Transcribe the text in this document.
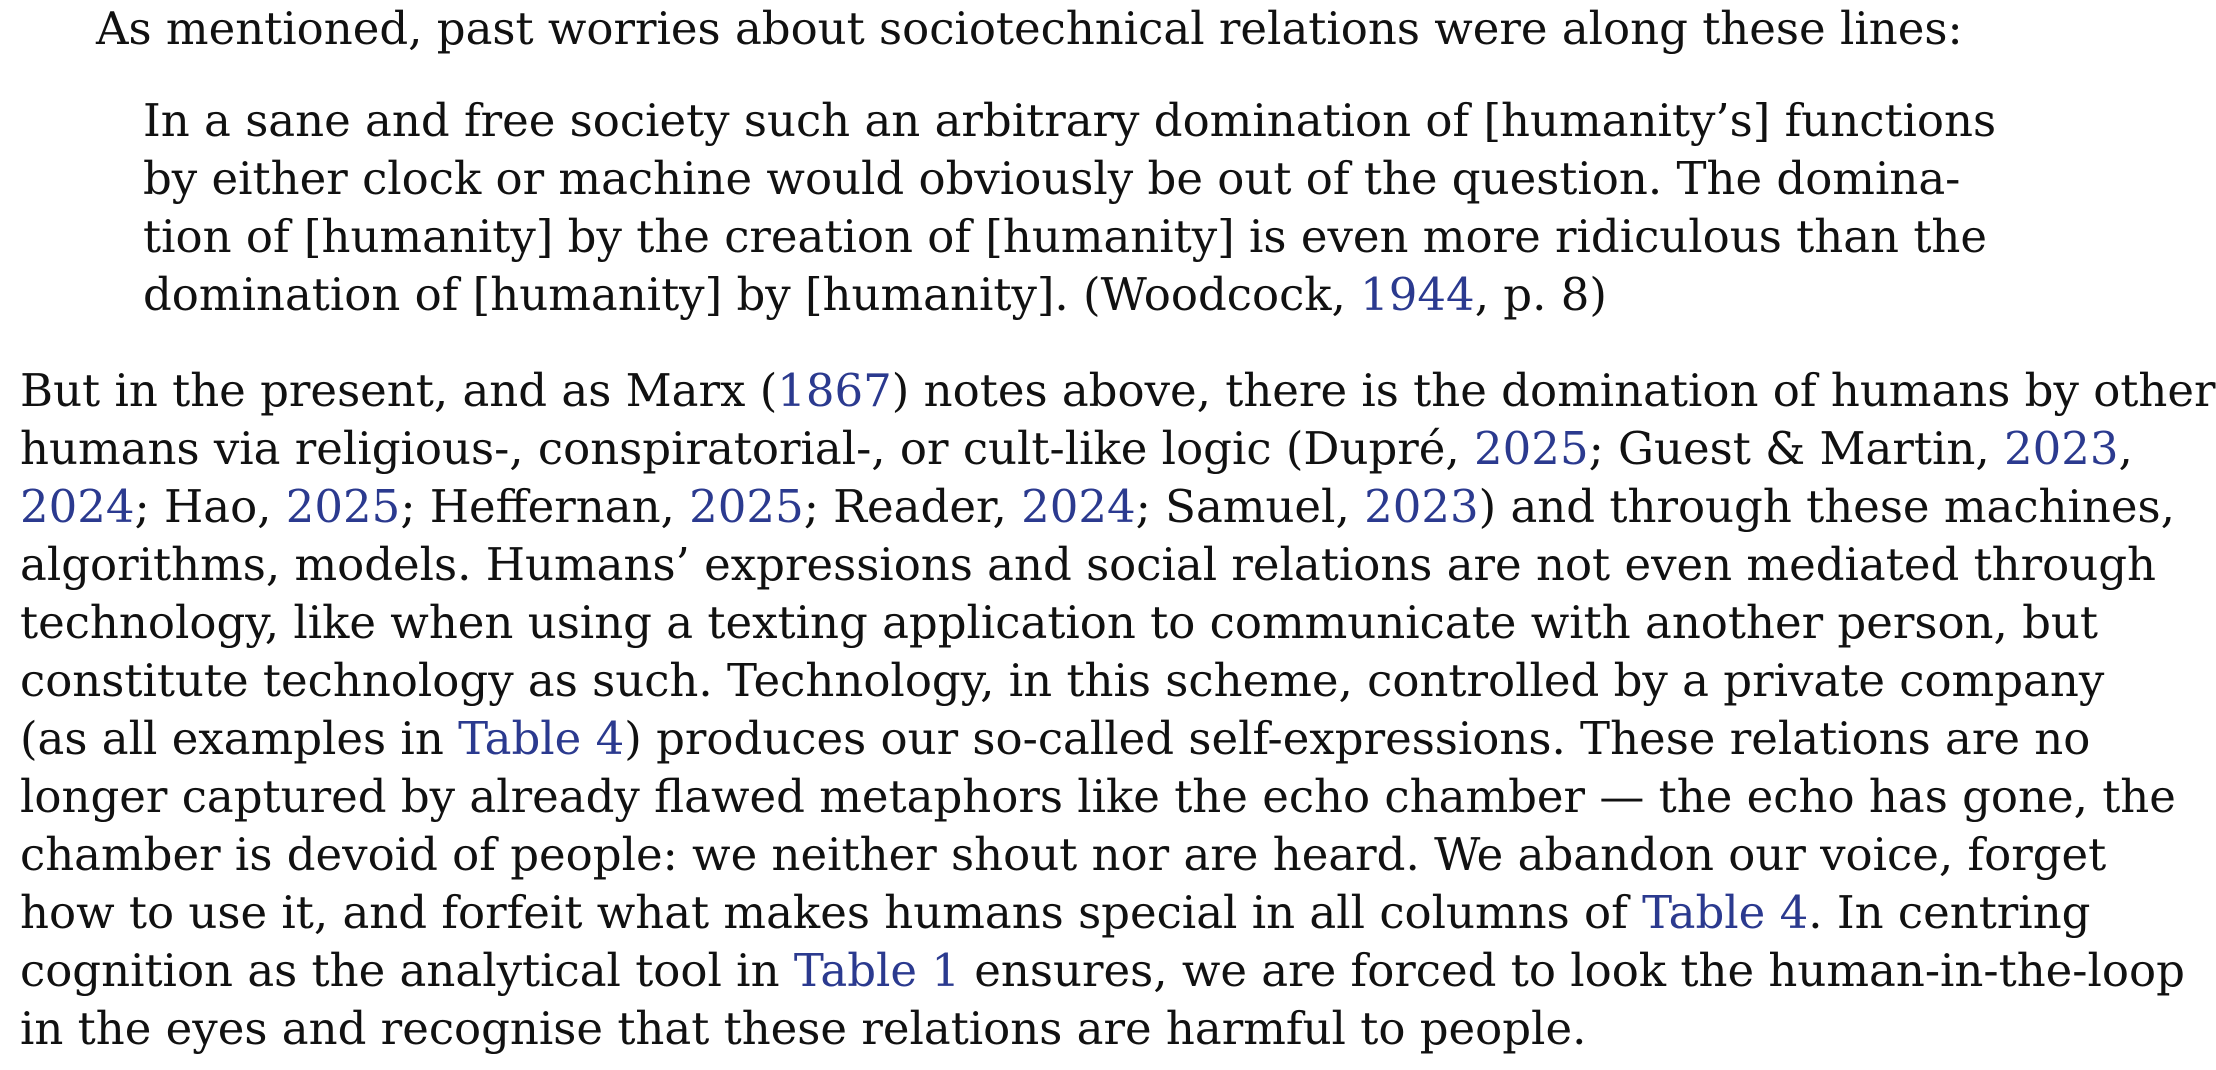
As mentioned, past worries about sociotechnical relations were along these lines:
In a sane and free society such an arbitrary domination of [humanity’s] functions
by either clock or machine would obviously be out of the question. The domina-
tion of [humanity] by the creation of [humanity] is even more ridiculous than the
domination of [humanity] by [humanity]. (Woodcock, 1944, p. 8)
But in the present, and as Marx (1867) notes above, there is the domination of humans by other
humans via religious-, conspiratorial-, or cult-like logic (Dupré, 2025; Guest & Martin, 2023,
2024; Hao, 2025; Heffernan, 2025; Reader, 2024; Samuel, 2023) and through these machines,
algorithms, models. Humans’ expressions and social relations are not even mediated through
technology, like when using a texting application to communicate with another person, but
constitute technology as such. Technology, in this scheme, controlled by a private company
(as all examples in Table 4) produces our so-called self-expressions. These relations are no
longer captured by already flawed metaphors like the echo chamber — the echo has gone, the
chamber is devoid of people: we neither shout nor are heard. We abandon our voice, forget
how to use it, and forfeit what makes humans special in all columns of Table 4. In centring
cognition as the analytical tool in Table 1 ensures, we are forced to look the human-in-the-loop
in the eyes and recognise that these relations are harmful to people.
